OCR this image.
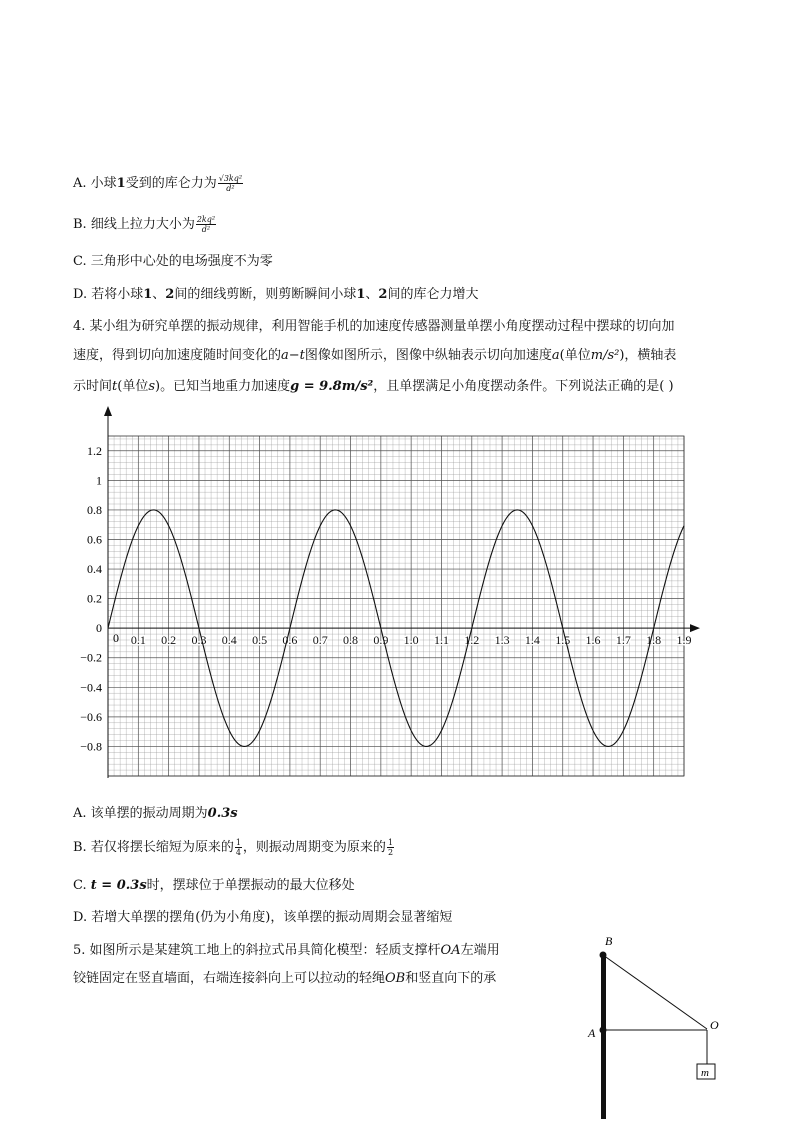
A. 小球1受到的库仑力为 $\frac{\text{√3kq²}}{\text{d²}}$
B. 细线上拉力大小为 $\frac{\text{2kq²}}{\text{d²}}$
C. 三角形中心处的电场强度不为零
D. 若将小球1、2间的细线剪断，则剪断瞬间小球1、2间的库仑力增大
4. 某小组为研究单摆的振动规律，利用智能手机的加速度传感器测量单摆小角度摆动过程中摆球的切向加
速度，得到切向加速度随时间变化的a−t图像如图所示，图像中纵轴表示切向加速度a(单位m/s²)，横轴表
示时间t(单位s)。已知当地重力加速度g = 9.8m/s²，且单摆满足小角度摆动条件。下列说法正确的是( )
1.2
1
0.8
0.6
0.4
0.2
0
−0.2
−0.4
−0.6
−0.8
0 0.1 0.2 0.3 0.4 0.5 0.6 0.7 0.8 0.9 1.0 1.1 1.2 1.3 1.4 1.5 1.6 1.7 1.8 1.9
A. 该单摆的振动周期为0.3s
B. 若仅将摆长缩短为原来的 $\frac{1}{4}$ ，则振动周期变为原来的 $\frac{1}{2}$
C. t = 0.3s时，摆球位于单摆振动的最大位移处
D. 若增大单摆的摆角(仍为小角度)，该单摆的振动周期会显著缩短
5. 如图所示是某建筑工地上的斜拉式吊具简化模型：轻质支撑杆OA左端用
铰链固定在竖直墙面，右端连接斜向上可以拉动的轻绳OB和竖直向下的承
B
A
O
m
